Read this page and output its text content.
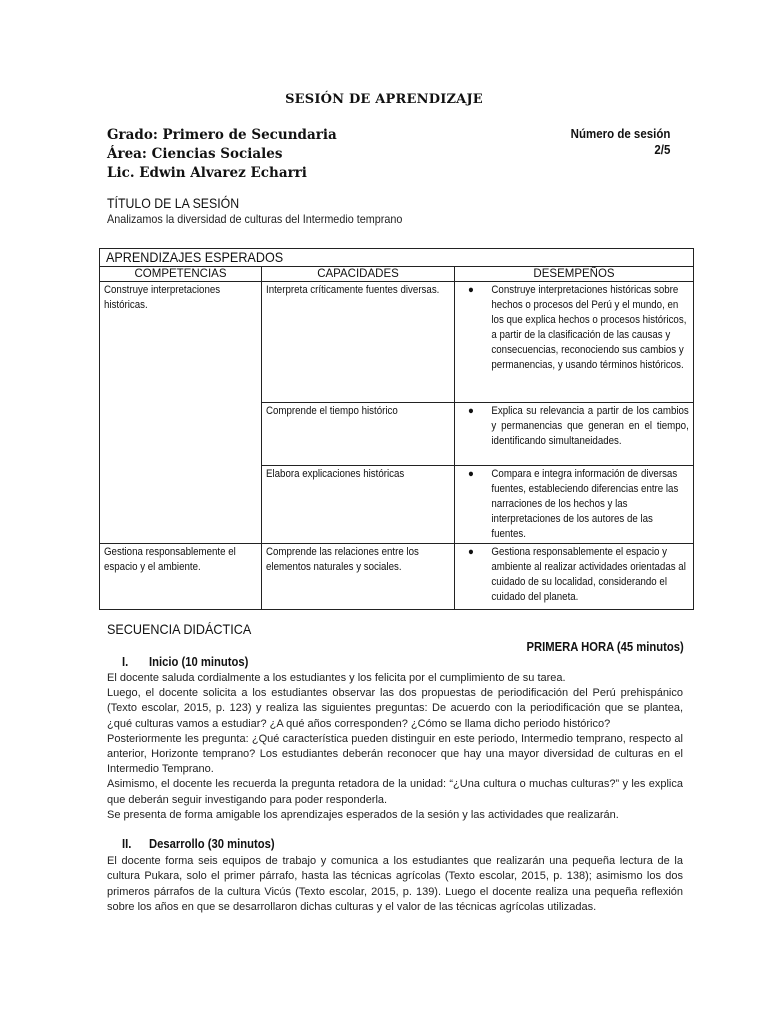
SESIÓN DE APRENDIZAJE
Grado: Primero de Secundaria
Área: Ciencias Sociales
Lic. Edwin Alvarez Echarri
Número de sesión
2/5
TÍTULO DE LA SESIÓN
Analizamos la diversidad de culturas del Intermedio temprano
APRENDIZAJES ESPERADOS		

COMPETENCIAS	CAPACIDADES	DESEMPEÑOS

Construye interpretaciones históricas.	Interpreta críticamente fuentes diversas.	● Construye interpretaciones históricas sobre hechos o procesos del Perú y el mundo, en los que explica hechos o procesos históricos, a partir de la clasificación de las causas y consecuencias, reconociendo sus cambios y permanencias, y usando términos históricos.

	Comprende el tiempo histórico	● Explica su relevancia a partir de los cambios y permanencias que generan en el tiempo, identificando simultaneidades.

	Elabora explicaciones históricas	● Compara e integra información de diversas fuentes, estableciendo diferencias entre las narraciones de los hechos y las interpretaciones de los autores de las fuentes.

Gestiona responsablemente el espacio y el ambiente.	Comprende las relaciones entre los elementos naturales y sociales.	● Gestiona responsablemente el espacio y ambiente al realizar actividades orientadas al cuidado de su localidad, considerando el cuidado del planeta.
SECUENCIA DIDÁCTICA
PRIMERA HORA (45 minutos)
I. Inicio (10 minutos)

El docente saluda cordialmente a los estudiantes y los felicita por el cumplimiento de su tarea.

Luego, el docente solicita a los estudiantes observar las dos propuestas de periodificación del Perú prehispánico (Texto escolar, 2015, p. 123) y realiza las siguientes preguntas: De acuerdo con la periodificación que se plantea, ¿qué culturas vamos a estudiar? ¿A qué años corresponden? ¿Cómo se llama dicho periodo histórico?

Posteriormente les pregunta: ¿Qué característica pueden distinguir en este periodo, Intermedio temprano, respecto al anterior, Horizonte temprano? Los estudiantes deberán reconocer que hay una mayor diversidad de culturas en el Intermedio Temprano.

Asimismo, el docente les recuerda la pregunta retadora de la unidad: “¿Una cultura o muchas culturas?” y les explica que deberán seguir investigando para poder responderla.

Se presenta de forma amigable los aprendizajes esperados de la sesión y las actividades que realizarán.

II. Desarrollo (30 minutos)

El docente forma seis equipos de trabajo y comunica a los estudiantes que realizarán una pequeña lectura de la cultura Pukara, solo el primer párrafo, hasta las técnicas agrícolas (Texto escolar, 2015, p. 138); asimismo los dos primeros párrafos de la cultura Vicús (Texto escolar, 2015, p. 139). Luego el docente realiza una pequeña reflexión sobre los años en que se desarrollaron dichas culturas y el valor de las técnicas agrícolas utilizadas.
